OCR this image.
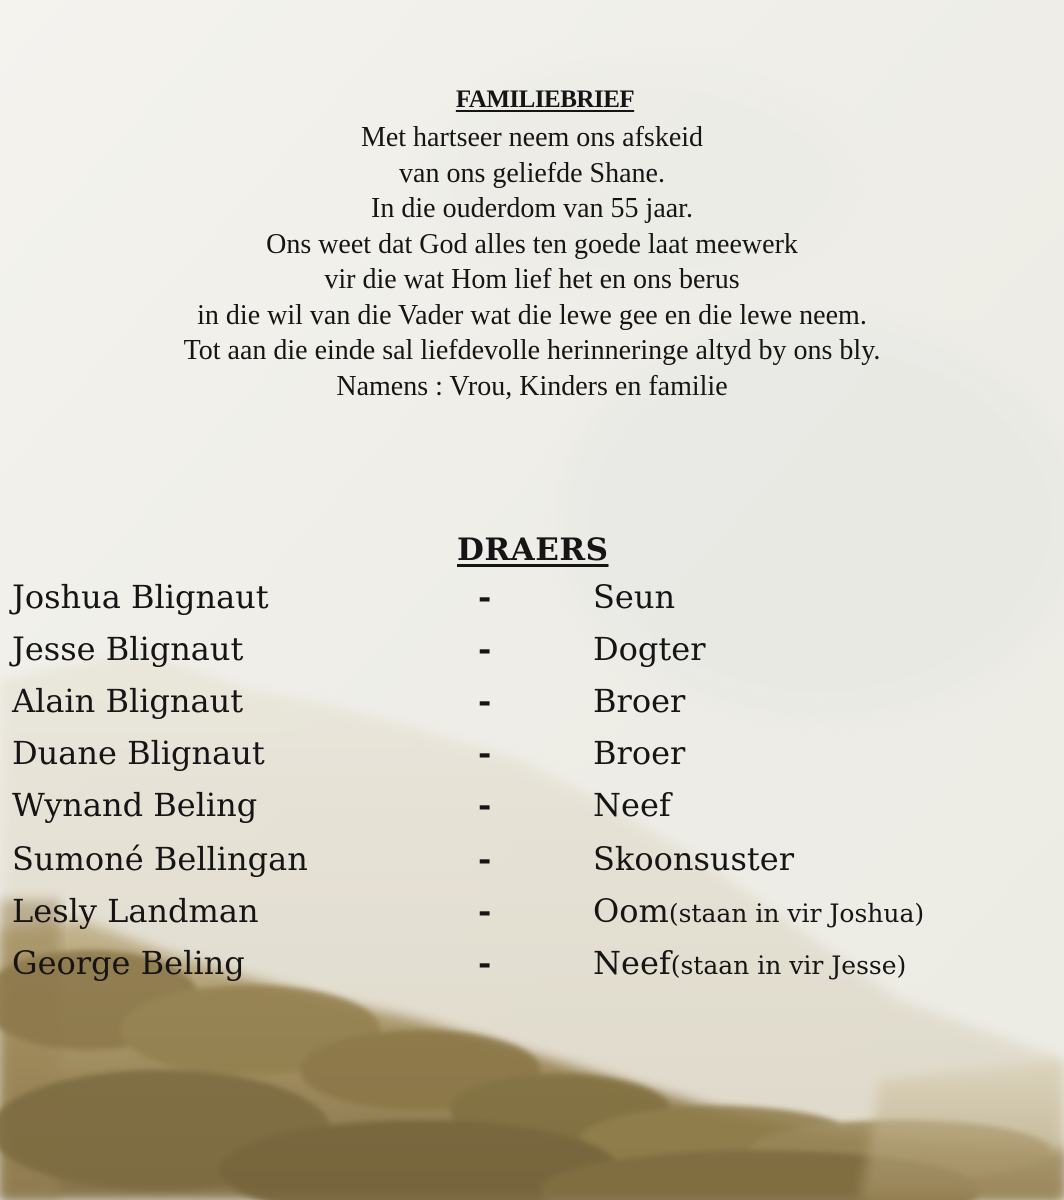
FAMILIEBRIEF
Met hartseer neem ons afskeid
van ons geliefde Shane.
In die ouderdom van 55 jaar.
Ons weet dat God alles ten goede laat meewerk
vir die wat Hom lief het en ons berus
in die wil van die Vader wat die lewe gee en die lewe neem.
Tot aan die einde sal liefdevolle herinneringe altyd by ons bly.
Namens : Vrou, Kinders en familie
DRAERS
Joshua Blignaut	-	Seun
Jesse Blignaut	-	Dogter
Alain Blignaut	-	Broer
Duane Blignaut	-	Broer
Wynand Beling	-	Neef
Sumoné Bellingan	-	Skoonsuster
Lesly Landman	-	Oom(staan in vir Joshua)
George Beling	-	Neef(staan in vir Jesse)
